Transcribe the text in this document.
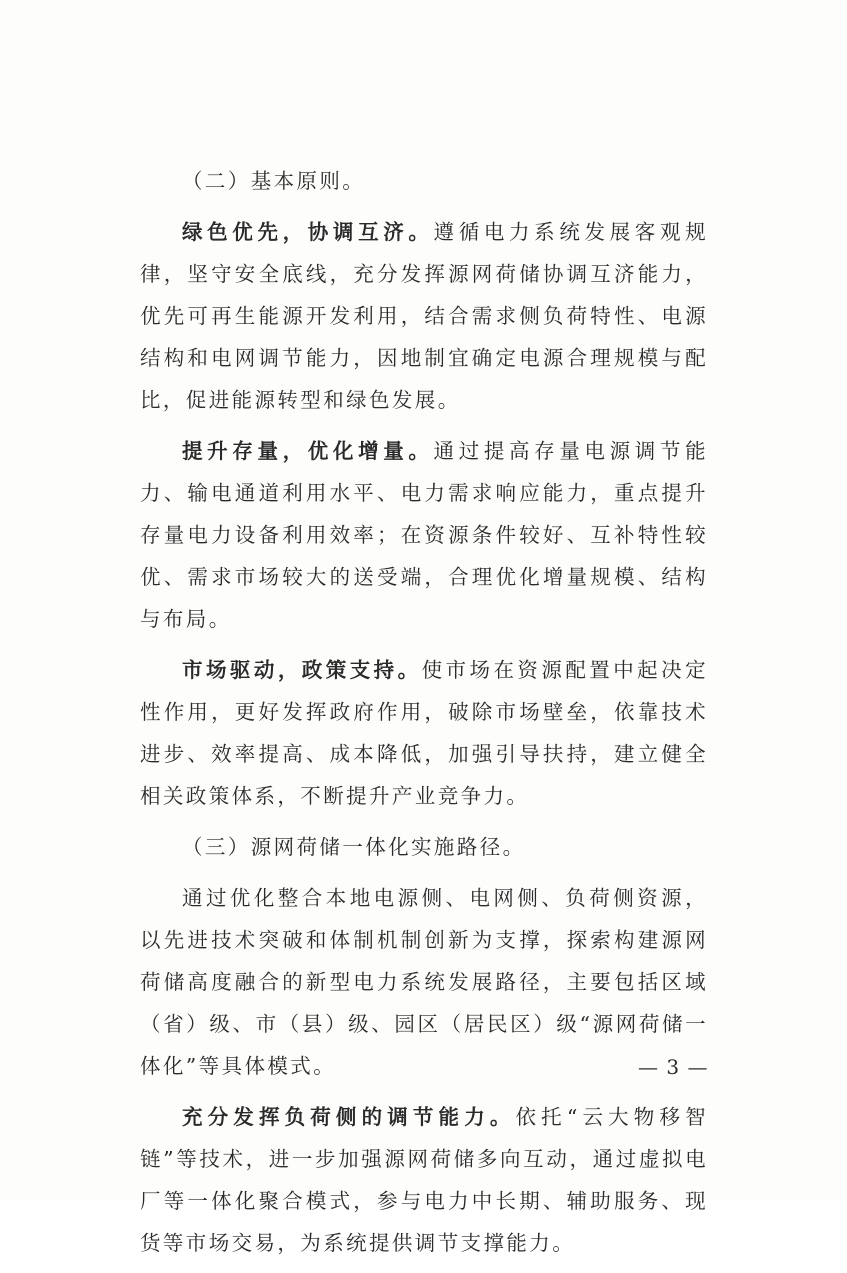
（二）基本原则。

绿色优先，协调互济。遵循电力系统发展客观规律，坚守安全底线，充分发挥源网荷储协调互济能力，优先可再生能源开发利用，结合需求侧负荷特性、电源结构和电网调节能力，因地制宜确定电源合理规模与配比，促进能源转型和绿色发展。

提升存量，优化增量。通过提高存量电源调节能力、输电通道利用水平、电力需求响应能力，重点提升存量电力设备利用效率；在资源条件较好、互补特性较优、需求市场较大的送受端，合理优化增量规模、结构与布局。

市场驱动，政策支持。使市场在资源配置中起决定性作用，更好发挥政府作用，破除市场壁垒，依靠技术进步、效率提高、成本降低，加强引导扶持，建立健全相关政策体系，不断提升产业竞争力。

（三）源网荷储一体化实施路径。

通过优化整合本地电源侧、电网侧、负荷侧资源，以先进技术突破和体制机制创新为支撑，探索构建源网荷储高度融合的新型电力系统发展路径，主要包括区域（省）级、市（县）级、园区（居民区）级“源网荷储一体化”等具体模式。

充分发挥负荷侧的调节能力。依托“云大物移智链”等技术，进一步加强源网荷储多向互动，通过虚拟电厂等一体化聚合模式，参与电力中长期、辅助服务、现货等市场交易，为系统提供调节支撑能力。

— 3 —
